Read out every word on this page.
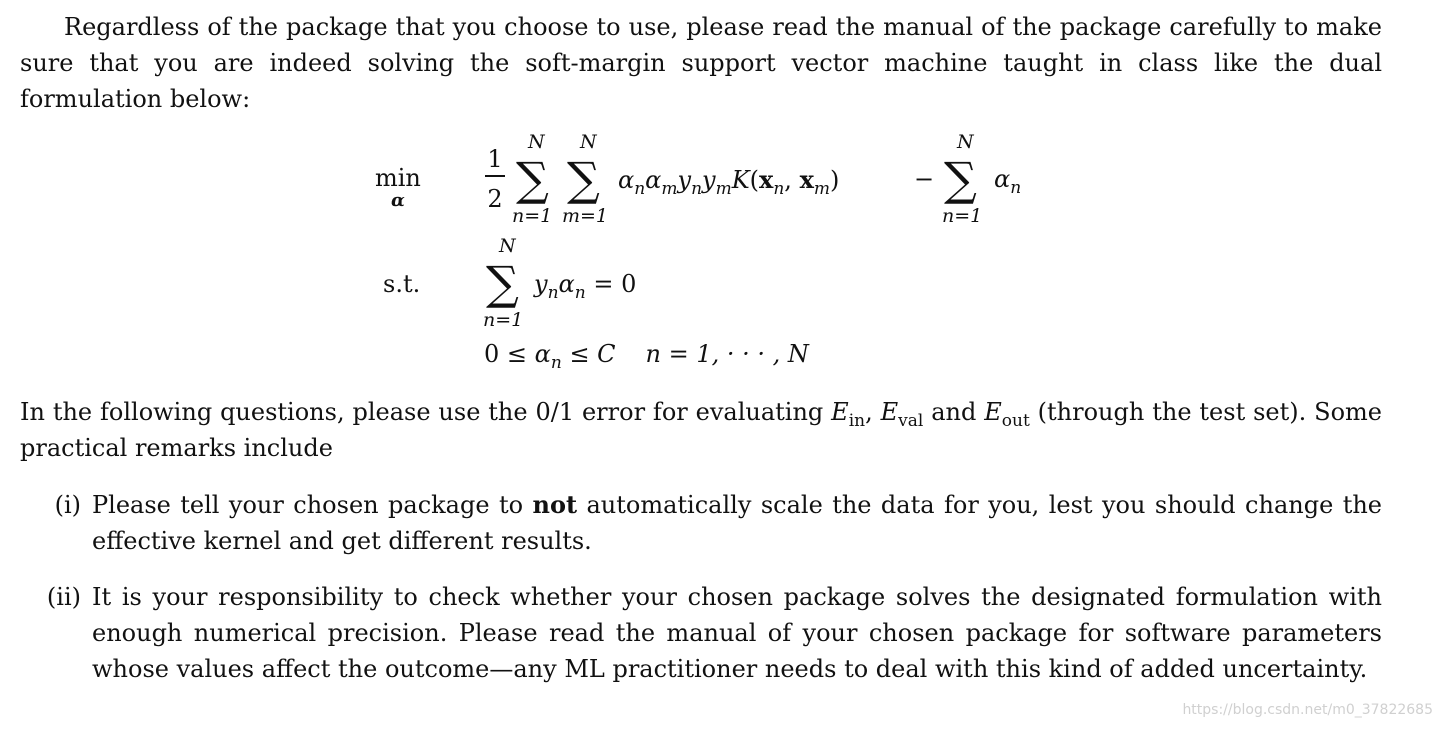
Regardless of the package that you choose to use, please read the manual of the package carefully to make sure that you are indeed solving the soft-margin support vector machine taught in class like the dual formulation below:
min
α
1
2
N
∑
n=1
N
∑
m=1
$\alpha_n\alpha_my_ny_mK(x_n$, $x_m$)	−
N
∑
n=1
$\alpha_n$
s.t.
N
∑
n=1
$y_n\alpha_n = 0$
$0 \le \alpha_n \le C$ n = 1, · · · , N
In the following questions, please use the 0/1 error for evaluating $E_{in}$, $E_{val}$ and $E_{out}$ (through the test set). Some practical remarks include
(i) Please tell your chosen package to not automatically scale the data for you, lest you should change the effective kernel and get different results.
(ii) It is your responsibility to check whether your chosen package solves the designated formulation with enough numerical precision. Please read the manual of your chosen package for software parameters whose values affect the outcome—any ML practitioner needs to deal with this kind of added uncertainty.
https://blog.csdn.net/m0_37822685
